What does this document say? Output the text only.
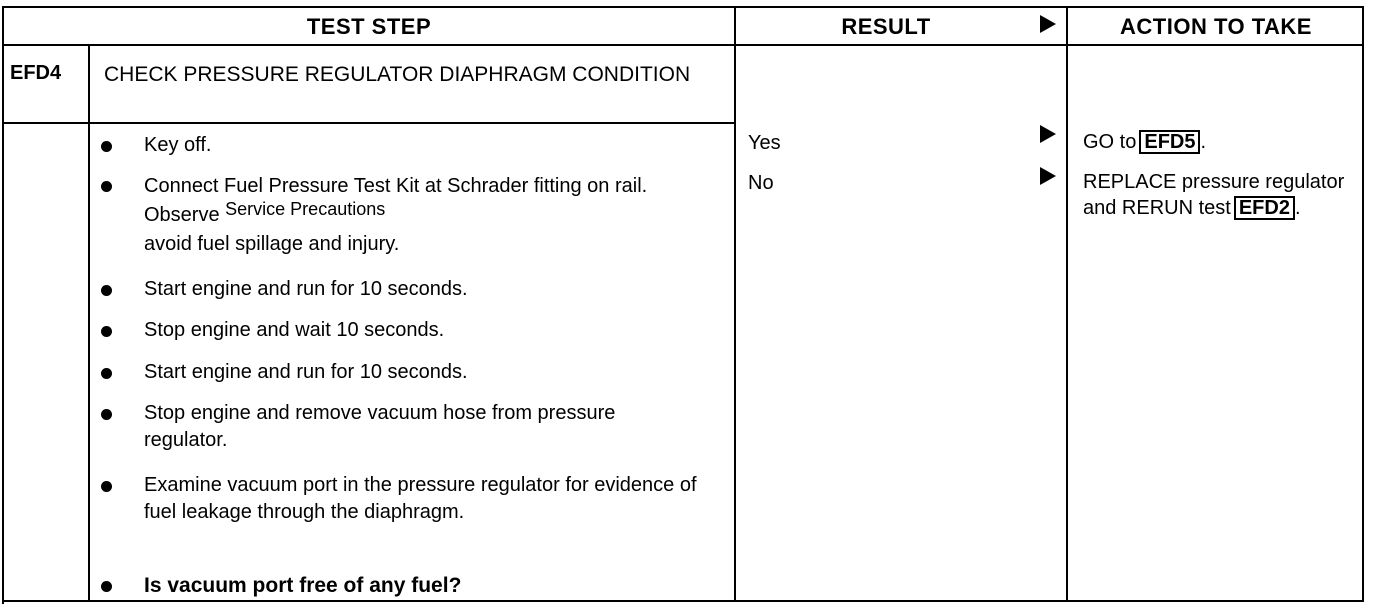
TEST STEP	RESULT	ACTION TO TAKE
EFD4 CHECK PRESSURE REGULATOR DIAPHRAGM CONDITION
Key off.
Connect Fuel Pressure Test Kit at Schrader fitting on rail. Observe Service Precautions
avoid fuel spillage and injury.
Start engine and run for 10 seconds.
Stop engine and wait 10 seconds.
Start engine and run for 10 seconds.
Stop engine and remove vacuum hose from pressure regulator.
Examine vacuum port in the pressure regulator for evidence of fuel leakage through the diaphragm.
Is vacuum port free of any fuel?
Yes	GO to EFD5 .
No	REPLACE pressure regulator and RERUN test EFD2 .
